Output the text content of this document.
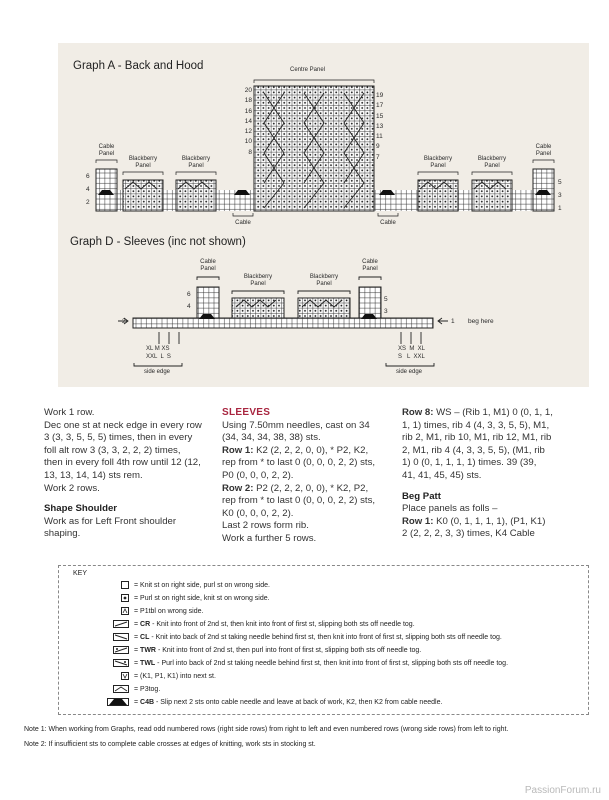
Graph A - Back and Hood	Centre Panel
20
18
16
14
12
10
8
19
17
15
13
11
9
7
6
4
2
5
3
1
Cable
Panel
Cable
Panel
Blackberry
Panel
Blackberry
Panel
Blackberry
Panel
Blackberry
Panel
Cable	Cable
Graph D - Sleeves (inc not shown)
Cable
Panel
Cable
Panel
Blackberry
Panel
Blackberry
Panel
6
4
5
3
2	1 beg here
XL M XS
XXL  L  S
XS  M  XL
S   L  XXL
side edge	side edge

Work 1 row.

Dec one st at neck edge in every row

3 (3, 3, 5, 5, 5) times, then in every

foll alt row 3 (3, 3, 2, 2, 2) times,

then in every foll 4th row until 12 (12,

13, 13, 14, 14) sts rem.

Work 2 rows.

Shape Shoulder

Work as for Left Front shoulder

shaping.

SLEEVES

Using 7.50mm needles, cast on 34

(34, 34, 34, 38, 38) sts.

Row 1: K2 (2, 2, 2, 0, 0), * P2, K2,

rep from * to last 0 (0, 0, 0, 2, 2) sts,

P0 (0, 0, 0, 2, 2).

Row 2: P2 (2, 2, 2, 0, 0), * K2, P2,

rep from * to last 0 (0, 0, 0, 2, 2) sts,

K0 (0, 0, 0, 2, 2).

Last 2 rows form rib.

Work a further 5 rows.

Row 8: WS – (Rib 1, M1) 0 (0, 1, 1,

1, 1) times, rib 4 (4, 3, 3, 5, 5), M1,

rib 2, M1, rib 10, M1, rib 12, M1, rib

2, M1, rib 4 (4, 3, 3, 5, 5), (M1, rib

1) 0 (0, 1, 1, 1, 1) times. 39 (39,

41, 41, 45, 45) sts.

Beg Patt

Place panels as folls –

Row 1: K0 (0, 1, 1, 1, 1), (P1, K1)

2 (2, 2, 2, 3, 3) times, K4 Cable

KEY
= Knit st on right side, purl st on wrong side.
= Purl st on right side, knit st on wrong side.
= P1tbl on wrong side.
= CR - Knit into front of 2nd st, then knit into front of first st, slipping both sts off needle tog.
= CL - Knit into back of 2nd st taking needle behind first st, then knit into front of first st, slipping both sts off needle tog.
= TWR - Knit into front of 2nd st, then purl into front of first st, slipping both sts off needle tog.
= TWL - Purl into back of 2nd st taking needle behind first st, then knit into front of first st, slipping both sts off needle tog.
= (K1, P1, K1) into next st.
= P3tog.
= C4B - Slip next 2 sts onto cable needle and leave at back of work, K2, then K2 from cable needle.
Note 1: When working from Graphs, read odd numbered rows (right side rows) from right to left and even numbered rows (wrong side rows) from left to right.
Note 2: If insufficient sts to complete cable crosses at edges of knitting, work sts in stocking st.
PassionForum.ru
